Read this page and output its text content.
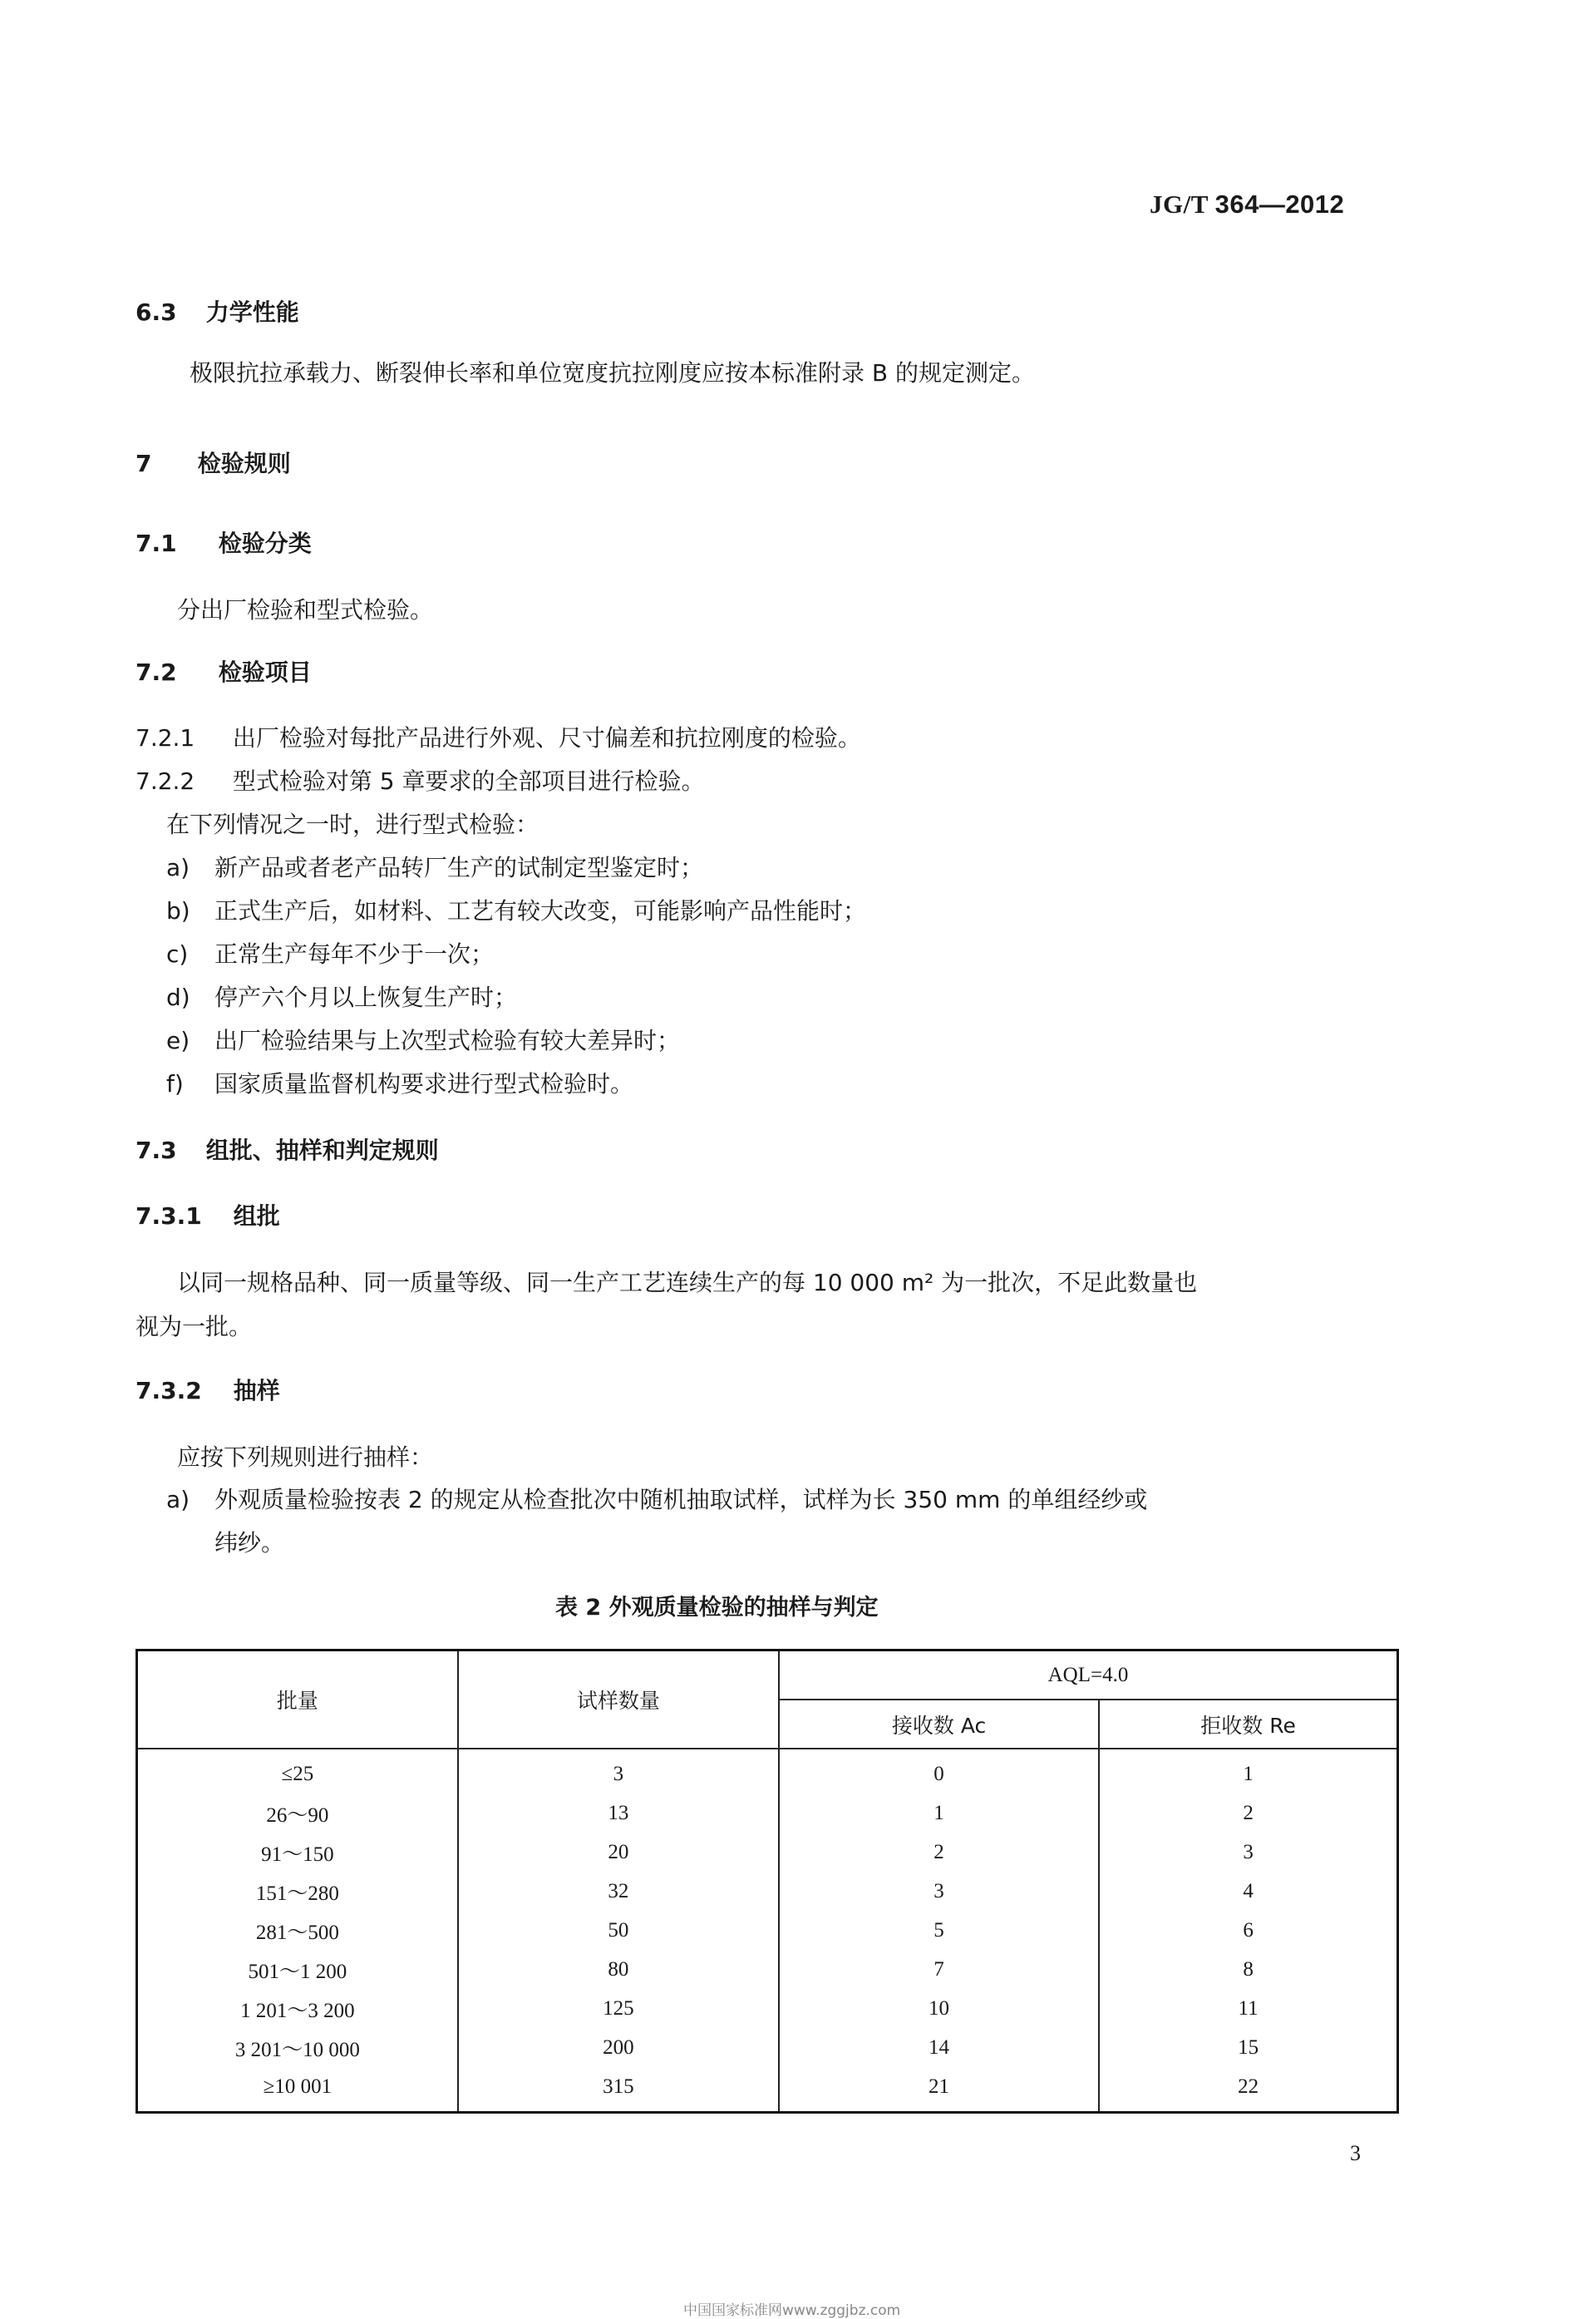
JG/T 364—2012
6.3 力学性能
极限抗拉承载力、断裂伸长率和单位宽度抗拉刚度应按本标准附录 B 的规定测定。
7 检验规则
7.1 检验分类
分出厂检验和型式检验。
7.2 检验项目
7.2.1 出厂检验对每批产品进行外观、尺寸偏差和抗拉刚度的检验。
7.2.2 型式检验对第 5 章要求的全部项目进行检验。
在下列情况之一时，进行型式检验：
a) 新产品或者老产品转厂生产的试制定型鉴定时；
b) 正式生产后，如材料、工艺有较大改变，可能影响产品性能时；
c) 正常生产每年不少于一次；
d) 停产六个月以上恢复生产时；
e) 出厂检验结果与上次型式检验有较大差异时；
f) 国家质量监督机构要求进行型式检验时。
7.3 组批、抽样和判定规则
7.3.1 组批
以同一规格品种、同一质量等级、同一生产工艺连续生产的每 10 000 m² 为一批次，不足此数量也
视为一批。
7.3.2 抽样
应按下列规则进行抽样：
a) 外观质量检验按表 2 的规定从检查批次中随机抽取试样，试样为长 350 mm 的单组经纱或
纬纱。
表 2 外观质量检验的抽样与判定
批量	试样数量	AQL=4.0	
		接收数 Ac	拒收数 Re
≤25	3	0	1
26～90	13	1	2
91～150	20	2	3
151～280	32	3	4
281～500	50	5	6
501～1 200	80	7	8
1 201～3 200	125	10	11
3 201～10 000	200	14	15
≥10 001	315	21	22
3
中国国家标准网www.zggjbz.com
